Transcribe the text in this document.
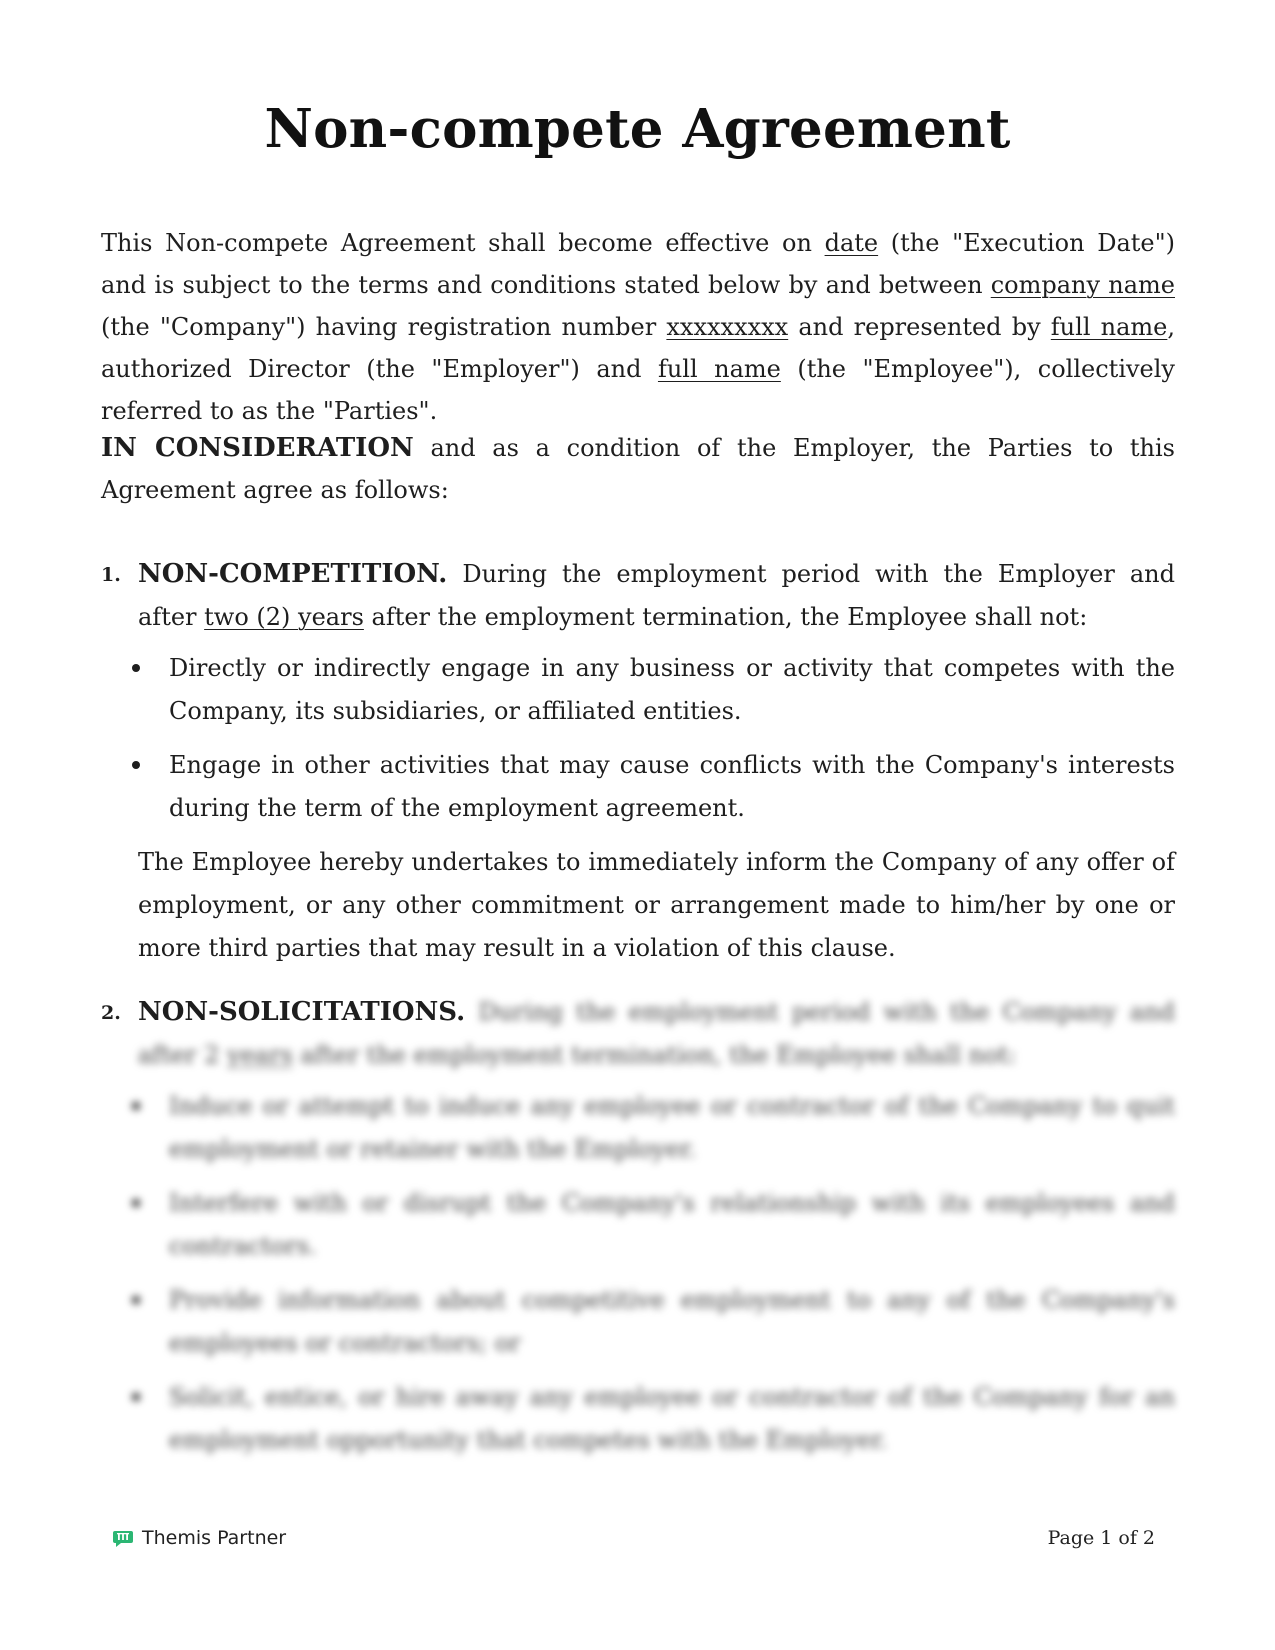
Non-compete Agreement
This Non-compete Agreement shall become effective on date (the "Execution Date") and is subject to the terms and conditions stated below by and between company name (the "Company") having registration number xxxxxxxxx and represented by full name, authorized Director (the "Employer") and full name (the "Employee"), collectively referred to as the "Parties".
IN CONSIDERATION and as a condition of the Employer, the Parties to this Agreement agree as follows:
1. NON-COMPETITION. During the employment period with the Employer and after two (2) years after the employment termination, the Employee shall not:
Directly or indirectly engage in any business or activity that competes with the Company, its subsidiaries, or affiliated entities.
Engage in other activities that may cause conflicts with the Company's interests during the term of the employment agreement.
The Employee hereby undertakes to immediately inform the Company of any offer of employment, or any other commitment or arrangement made to him/her by one or more third parties that may result in a violation of this clause.
2. NON-SOLICITATIONS. During the employment period with the Company and after 2 years after the employment termination, the Employee shall not:
Induce or attempt to induce any employee or contractor of the Company to quit employment or retainer with the Employer.
Interfere with or disrupt the Company's relationship with its employees and contractors.
Provide information about competitive employment to any of the Company's employees or contractors; or
Solicit, entice, or hire away any employee or contractor of the Company for an employment opportunity that competes with the Employer.
Themis Partner	Page 1 of 2
